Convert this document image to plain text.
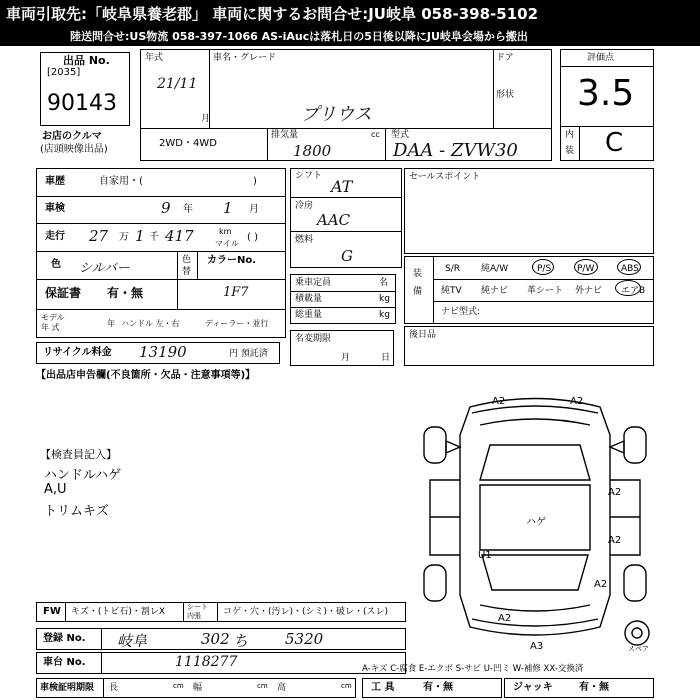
車両引取先:「岐阜県養老郡」 車両に関するお問合せ:JU岐阜 058-398-5102
陸送問合せ:US物流 058-397-1066 AS-iAucは落札日の5日後以降にJU岐阜会場から搬出
出品 No.
[2035]
90143
お店のクルマ
(店頭映像出品)
年式
21/11
月
車名・グレード
プリウス
ドア
形状
2WD・4WD
排気量	cc
1800
型式
DAA - ZVW30
評価点
3.5
内
装 C
車歴	自家用・(	)
車検	9 年 1 月
走行 27 万 1 千 417	km
マイル
( )
色 シルバー
色
替
カラーNo.
1F7
保証書 有・無
モデル
年 式	年 ハンドル 左・右	ディーラー・並行
リサイクル料金 13190	円 預託済
シフト
AT
冷房
AAC
燃料
G
乗車定員	名
積載量	kg
総重量	kg
名変期限
月	日
セールスポイント
装
備
S/R 純A/W	P/S	P/W	ABS
純TV 純ナビ 革シート 外ナビ エアB
ナビ型式:
後日品
【出品店申告欄(不良箇所・欠品・注意事項等)】
【検査員記入】
ハンドルハゲ
A,U
トリムキズ
A2	A2
A2
A2
ハゲ
U1
A2
A2
A3	スペア
FW キズ・(トビ石)・割レX	シート
内張 コゲ・穴・(汚レ)・(シミ)・破レ・(スレ)
登録 No. 岐阜	302 ち 5320
車台 No.	1118277	A-キズ C-腐食 E-エクボ S-サビ U-凹ミ W-補修 XX-交換済
車検証明期限 長	cm 幅	cm 高	cm 工 具	有・無	ジャッキ	有・無
